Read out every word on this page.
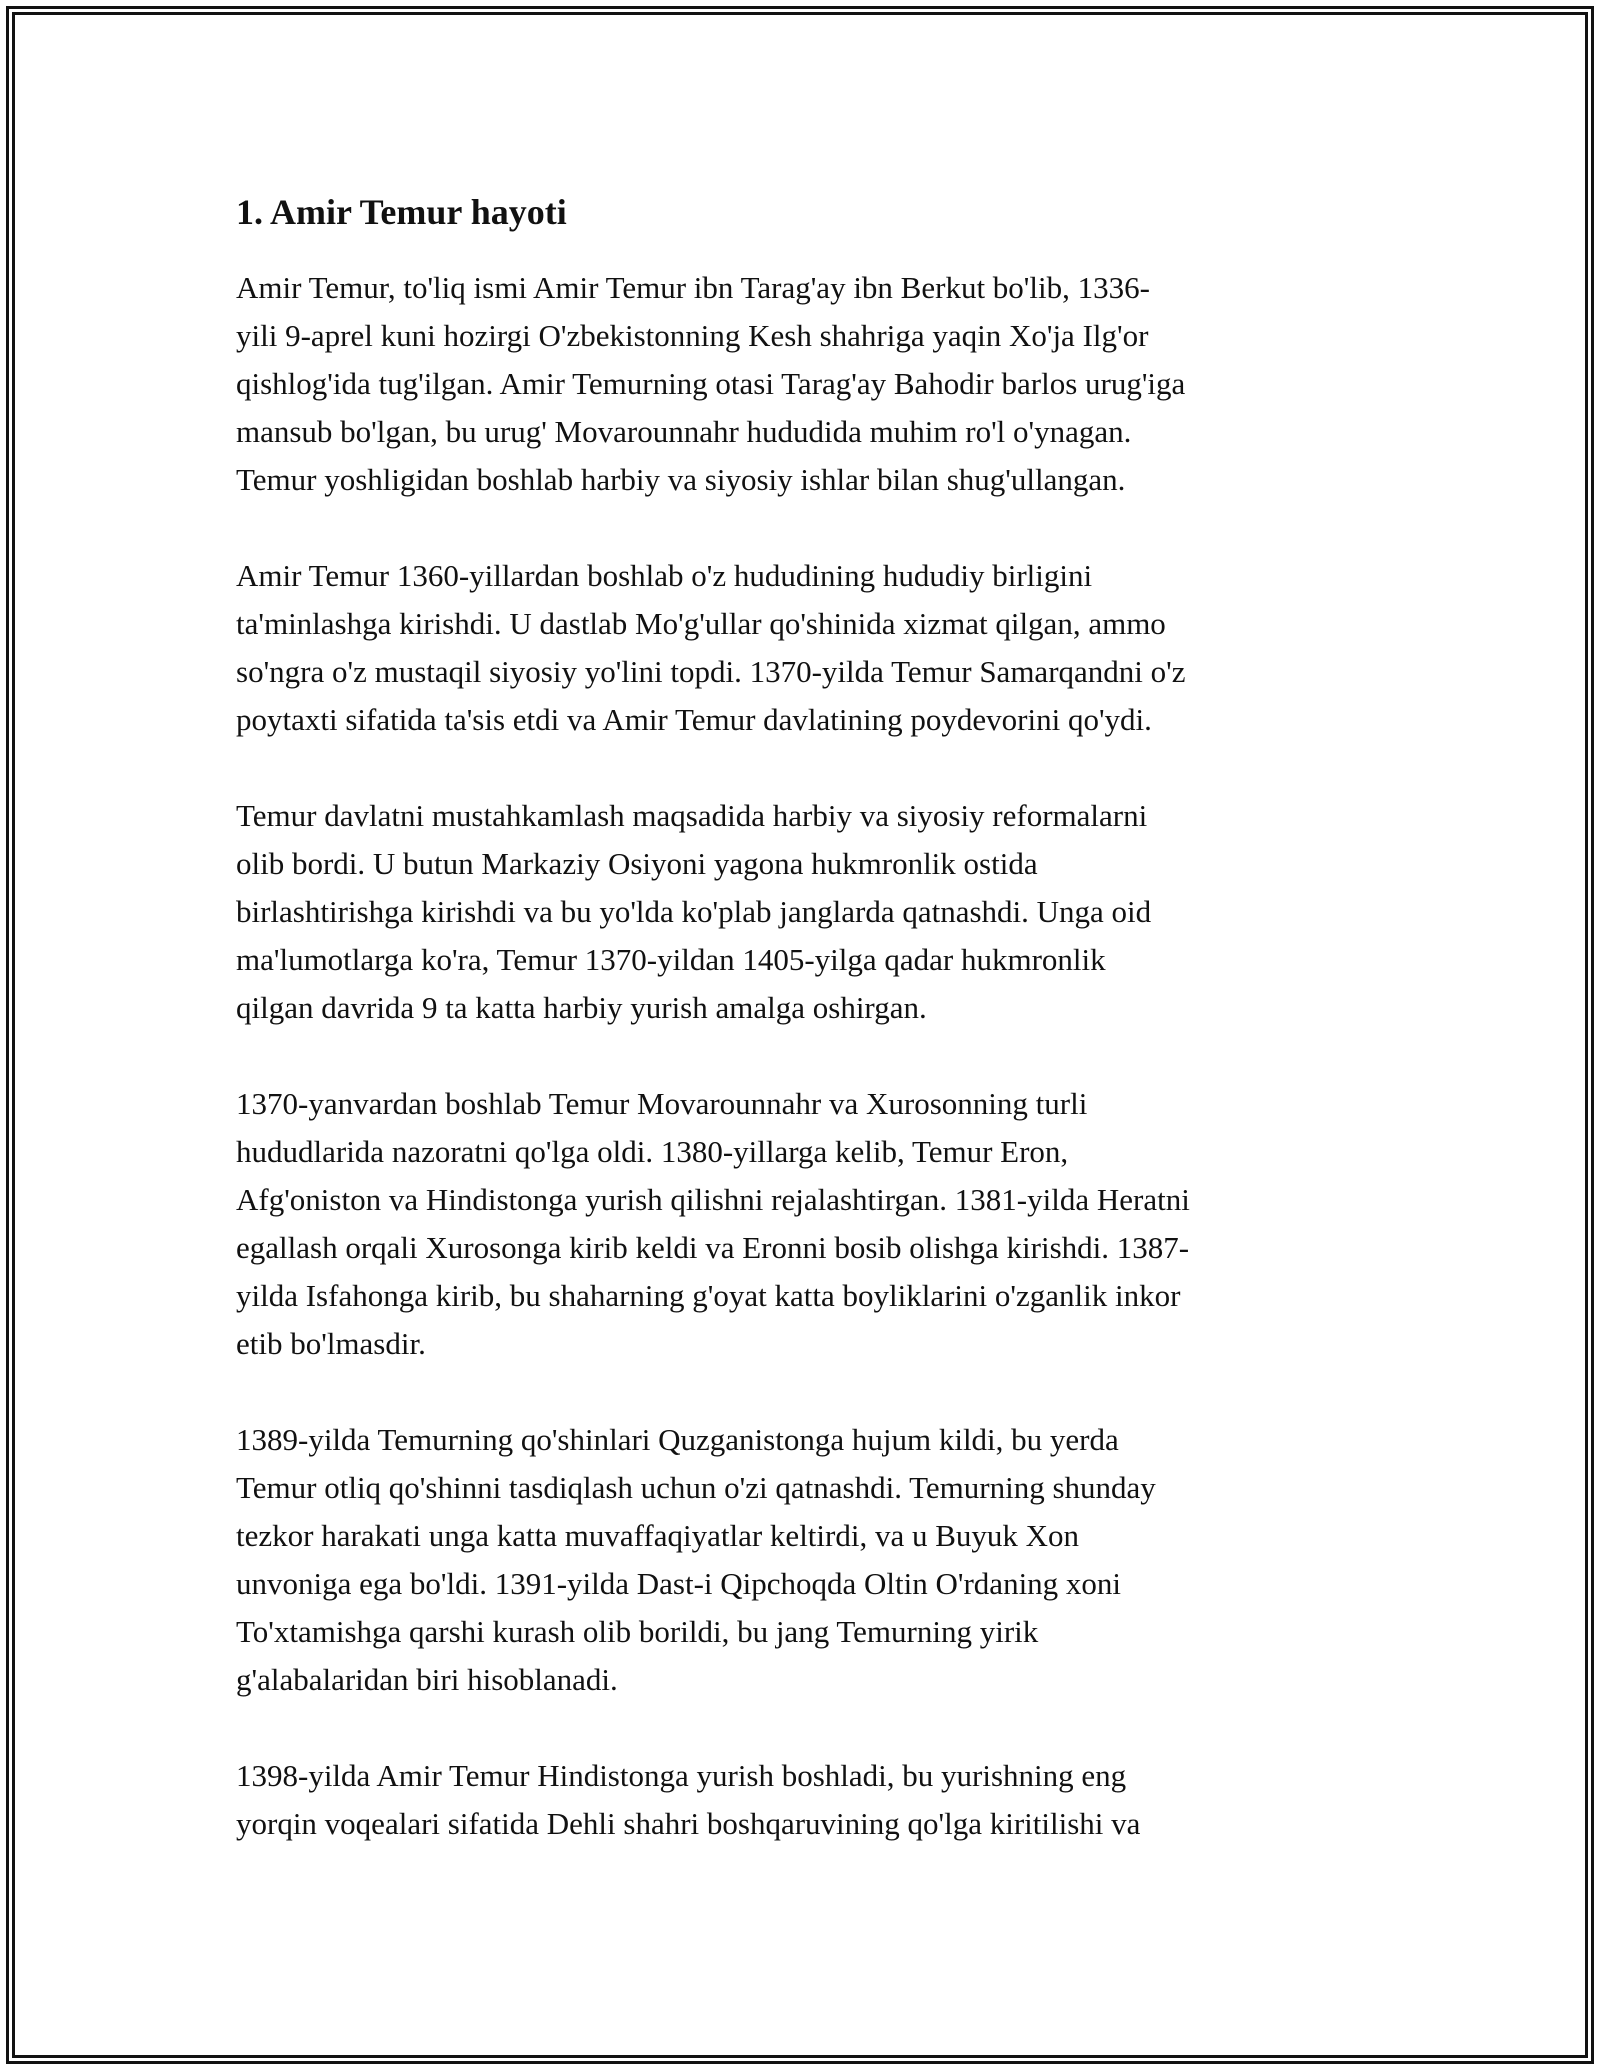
1. Amir Temur hayoti

Amir Temur, to'liq ismi Amir Temur ibn Tarag'ay ibn Berkut bo'lib, 1336-
yili 9-aprel kuni hozirgi O'zbekistonning Kesh shahriga yaqin Xo'ja Ilg'or
qishlog'ida tug'ilgan. Amir Temurning otasi Tarag'ay Bahodir barlos urug'iga
mansub bo'lgan, bu urug' Movarounnahr hududida muhim ro'l o'ynagan.
Temur yoshligidan boshlab harbiy va siyosiy ishlar bilan shug'ullangan.

Amir Temur 1360-yillardan boshlab o'z hududining hududiy birligini
ta'minlashga kirishdi. U dastlab Mo'g'ullar qo'shinida xizmat qilgan, ammo
so'ngra o'z mustaqil siyosiy yo'lini topdi. 1370-yilda Temur Samarqandni o'z
poytaxti sifatida ta'sis etdi va Amir Temur davlatining poydevorini qo'ydi.

Temur davlatni mustahkamlash maqsadida harbiy va siyosiy reformalarni
olib bordi. U butun Markaziy Osiyoni yagona hukmronlik ostida
birlashtirishga kirishdi va bu yo'lda ko'plab janglarda qatnashdi. Unga oid
ma'lumotlarga ko'ra, Temur 1370-yildan 1405-yilga qadar hukmronlik
qilgan davrida 9 ta katta harbiy yurish amalga oshirgan.

1370-yanvardan boshlab Temur Movarounnahr va Xurosonning turli
hududlarida nazoratni qo'lga oldi. 1380-yillarga kelib, Temur Eron,
Afg'oniston va Hindistonga yurish qilishni rejalashtirgan. 1381-yilda Heratni
egallash orqali Xurosonga kirib keldi va Eronni bosib olishga kirishdi. 1387-
yilda Isfahonga kirib, bu shaharning g'oyat katta boyliklarini o'zganlik inkor
etib bo'lmasdir.

1389-yilda Temurning qo'shinlari Quzganistonga hujum kildi, bu yerda
Temur otliq qo'shinni tasdiqlash uchun o'zi qatnashdi. Temurning shunday
tezkor harakati unga katta muvaffaqiyatlar keltirdi, va u Buyuk Xon
unvoniga ega bo'ldi. 1391-yilda Dast-i Qipchoqda Oltin O'rdaning xoni
To'xtamishga qarshi kurash olib borildi, bu jang Temurning yirik
g'alabalaridan biri hisoblanadi.

1398-yilda Amir Temur Hindistonga yurish boshladi, bu yurishning eng
yorqin voqealari sifatida Dehli shahri boshqaruvining qo'lga kiritilishi va
